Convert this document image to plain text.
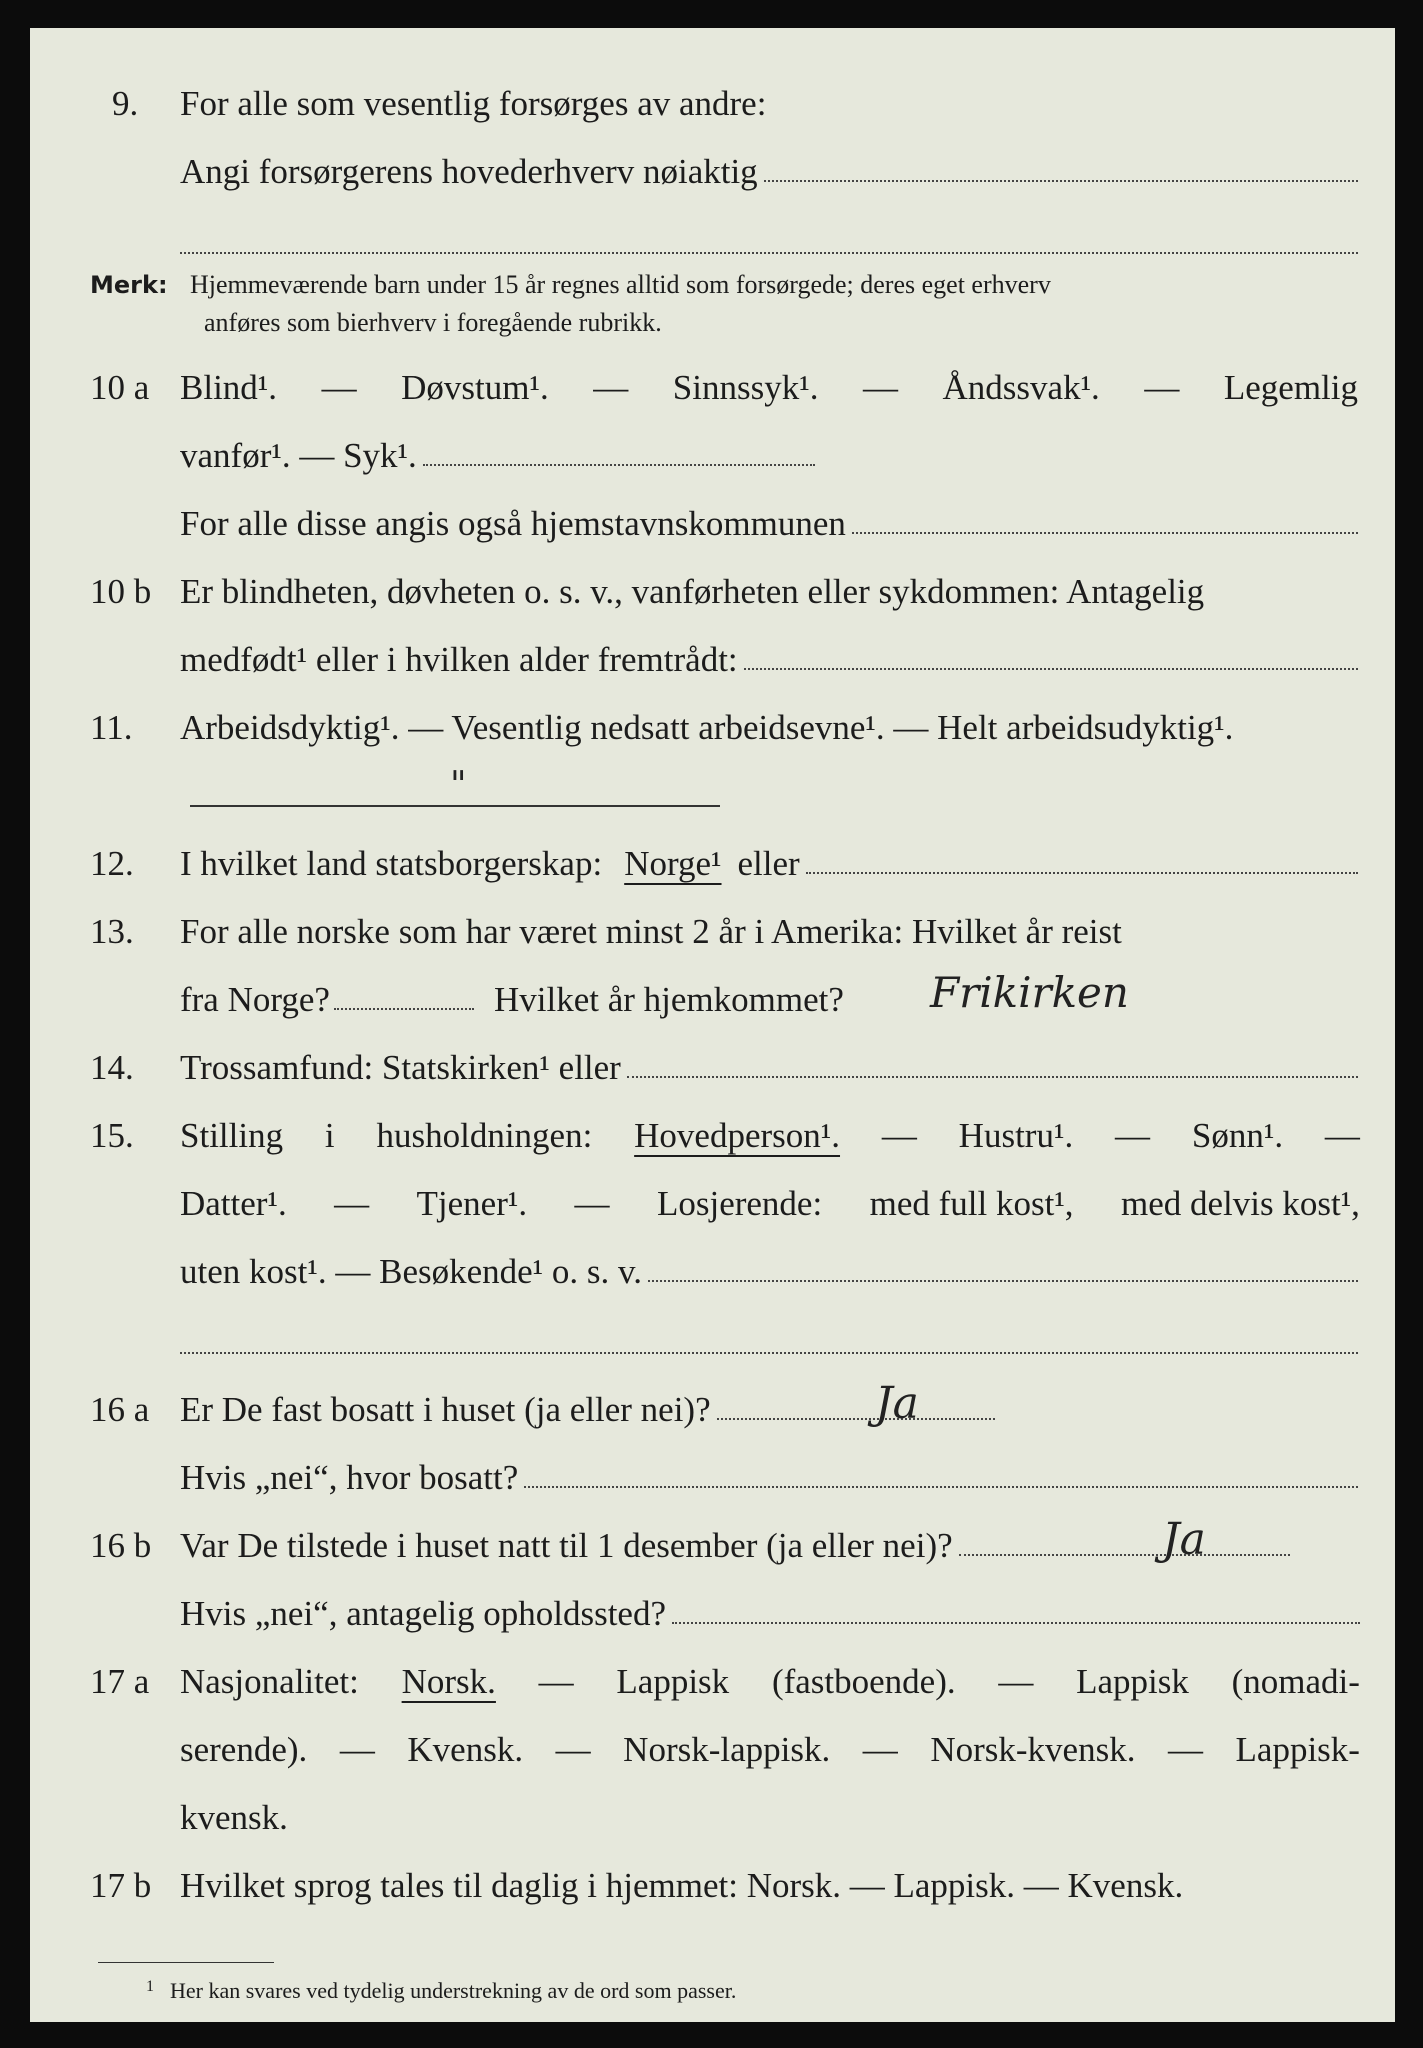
9.	For alle som vesentlig forsørges av andre:
Angi forsørgerens hovederhverv nøiaktig
Merk: Hjemmeværende barn under 15 år regnes alltid som forsørgede; deres eget erhverv
anføres som bierhverv i foregående rubrikk.
10 a Blind¹. — Døvstum¹. — Sinnssyk¹. — Åndssvak¹. — Legemlig
vanfør¹. — Syk¹.
For alle disse angis også hjemstavnskommunen
10 b Er blindheten, døvheten o. s. v., vanførheten eller sykdommen: Antagelig
medfødt¹ eller i hvilken alder fremtrådt:
11.	Arbeidsdyktig¹. — Vesentlig nedsatt arbeidsevne¹. — Helt arbeidsudyktig¹.
"
12.	I hvilket land statsborgerskap: Norge¹ eller
13.	For alle norske som har været minst 2 år i Amerika: Hvilket år reist
fra Norge?	Hvilket år hjemkommet? Frikirken
14.	Trossamfund: Statskirken¹ eller
15.	Stilling i husholdningen: Hovedperson¹. — Hustru¹. — Sønn¹. —
Datter¹. — Tjener¹. — Losjerende: med full kost¹, med delvis kost¹,
uten kost¹. — Besøkende¹ o. s. v.
16 a Er De fast bosatt i huset (ja eller nei)?	Ja
Hvis „nei“, hvor bosatt?
16 b Var De tilstede i huset natt til 1 desember (ja eller nei)?	Ja
Hvis „nei“, antagelig opholdssted?
17 a Nasjonalitet: Norsk. — Lappisk (fastboende). — Lappisk (nomadi-
serende). — Kvensk. — Norsk-lappisk. — Norsk-kvensk. — Lappisk-
kvensk.
17 b Hvilket sprog tales til daglig i hjemmet: Norsk. — Lappisk. — Kvensk.
1 Her kan svares ved tydelig understrekning av de ord som passer.
